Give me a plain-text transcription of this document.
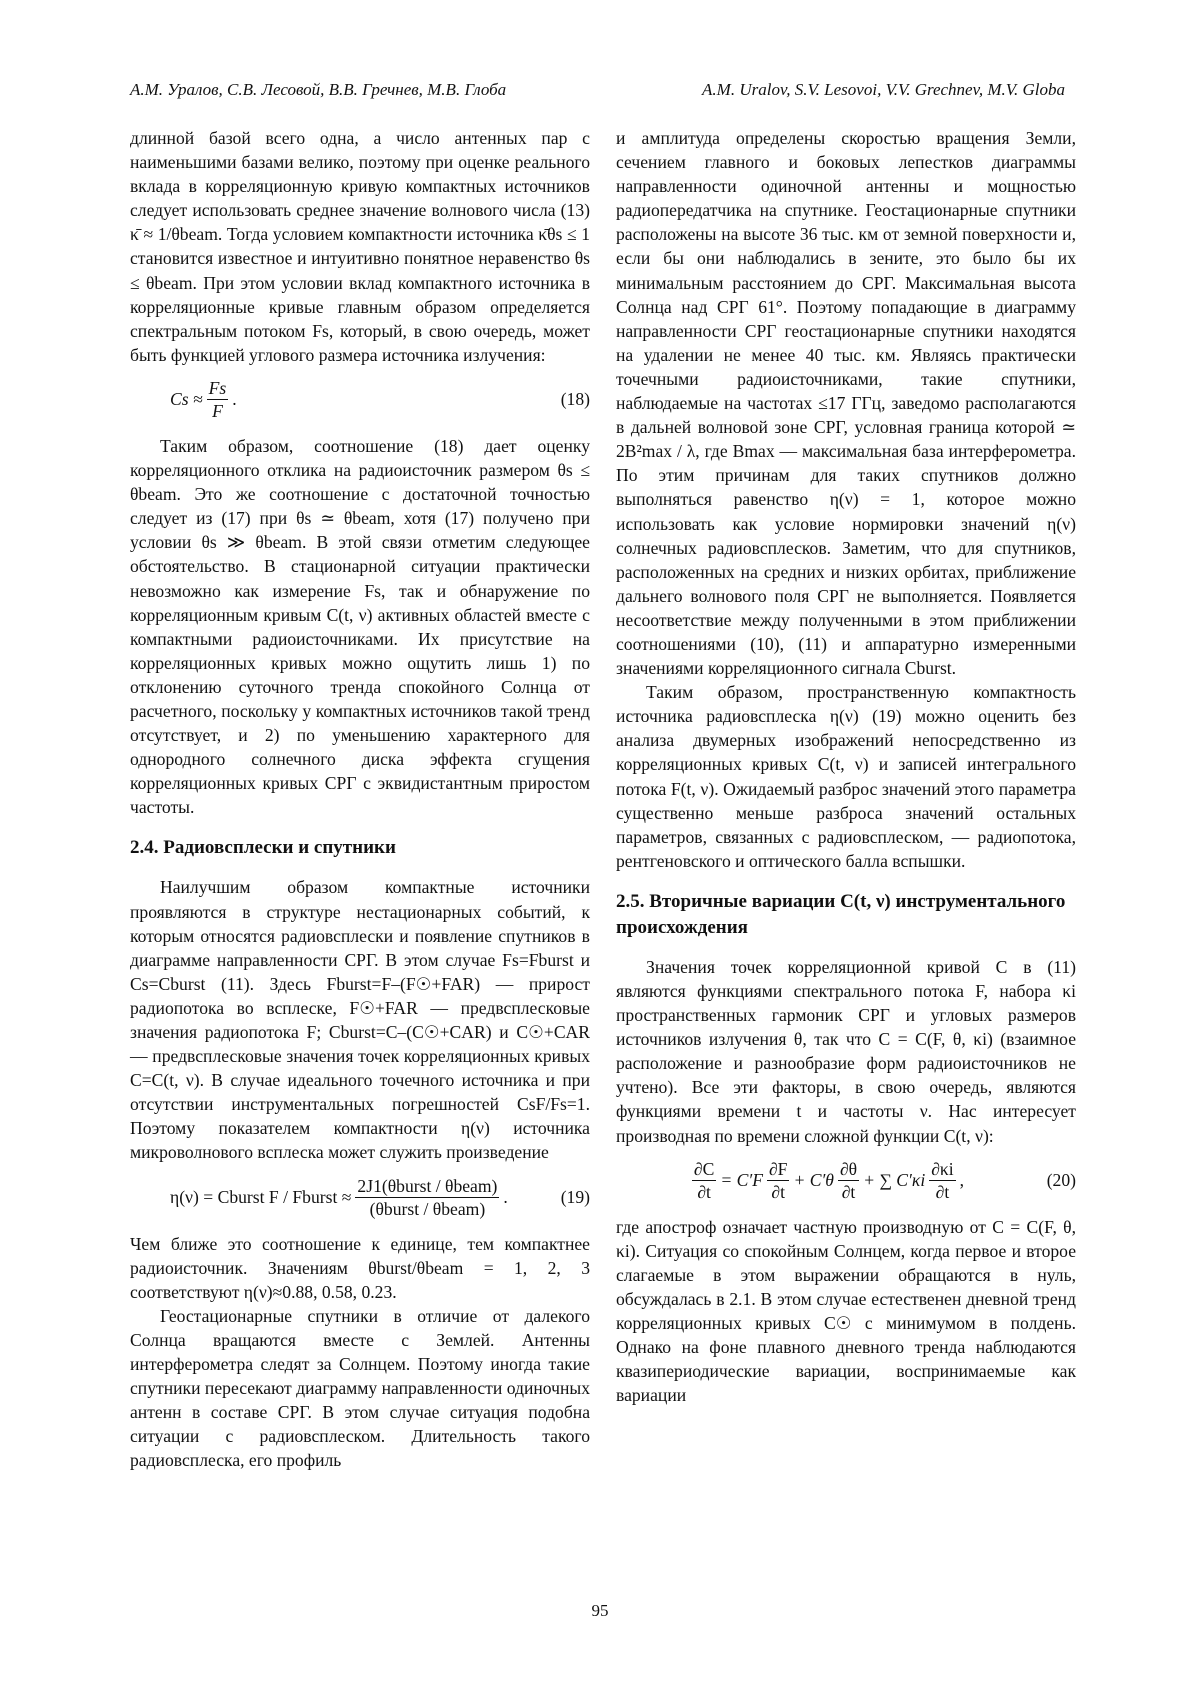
А.М. Уралов, С.В. Лесовой, В.В. Гречнев, М.В. Глоба	A.M. Uralov, S.V. Lesovoi, V.V. Grechnev, M.V. Globa

длинной базой всего одна, а число антенных пар с наименьшими базами велико, поэтому при оценке реального вклада в корреляционную кривую компактных источников следует использовать среднее значение волнового числа (13) κ̄ ≈ 1/θbeam. Тогда условием компактности источника κ̄θs ≤ 1 становится известное и интуитивно понятное неравенство θs ≤ θbeam. При этом условии вклад компактного источника в корреляционные кривые главным образом определяется спектральным потоком Fs, который, в свою очередь, может быть функцией углового размера источника излучения:

$Cs \approx \frac{Fs}{F}$ .	(18)

Таким образом, соотношение (18) дает оценку корреляционного отклика на радиоисточник размером θs ≤ θbeam. Это же соотношение с достаточной точностью следует из (17) при θs ≃ θbeam, хотя (17) получено при условии θs ≫ θbeam. В этой связи отметим следующее обстоятельство. В стационарной ситуации практически невозможно как измерение Fs, так и обнаружение по корреляционным кривым C(t, ν) активных областей вместе с компактными радиоисточниками. Их присутствие на корреляционных кривых можно ощутить лишь 1) по отклонению суточного тренда спокойного Солнца от расчетного, поскольку у компактных источников такой тренд отсутствует, и 2) по уменьшению характерного для однородного солнечного диска эффекта сгущения корреляционных кривых СРГ с эквидистантным приростом частоты.

2.4. Радиовсплески и спутники

Наилучшим образом компактные источники проявляются в структуре нестационарных событий, к которым относятся радиовсплески и появление спутников в диаграмме направленности СРГ. В этом случае Fs=Fburst и Cs=Cburst (11). Здесь Fburst=F–(F☉+FAR) — прирост радиопотока во всплеске, F☉+FAR — предвсплесковые значения радиопотока F; Cburst=C–(C☉+CAR) и C☉+CAR — предвсплесковые значения точек корреляционных кривых C=C(t, ν). В случае идеального точечного источника и при отсутствии инструментальных погрешностей CsF/Fs=1. Поэтому показателем компактности η(ν) источника микроволнового всплеска может служить произведение

η(ν) = Cburst F / Fburst ≈ $\frac{\text{2J1(θburst / θbeam)}}{\text{(θburst / θbeam)}}$ .	(19)

Чем ближе это соотношение к единице, тем компактнее радиоисточник. Значениям θburst/θbeam = 1, 2, 3 соответствуют η(ν)≈0.88, 0.58, 0.23.

Геостационарные спутники в отличие от далекого Солнца вращаются вместе с Землей. Антенны интерферометра следят за Солнцем. Поэтому иногда такие спутники пересекают диаграмму направленности одиночных антенн в составе СРГ. В этом случае ситуация подобна ситуации с радиовсплеском. Длительность такого радиовсплеска, его профиль

и амплитуда определены скоростью вращения Земли, сечением главного и боковых лепестков диаграммы направленности одиночной антенны и мощностью радиопередатчика на спутнике. Геостационарные спутники расположены на высоте 36 тыс. км от земной поверхности и, если бы они наблюдались в зените, это было бы их минимальным расстоянием до СРГ. Максимальная высота Солнца над СРГ 61°. Поэтому попадающие в диаграмму направленности СРГ геостационарные спутники находятся на удалении не менее 40 тыс. км. Являясь практически точечными радиоисточниками, такие спутники, наблюдаемые на частотах ≤17 ГГц, заведомо располагаются в дальней волновой зоне СРГ, условная граница которой ≃ 2B²max / λ, где Bmax — максимальная база интерферометра. По этим причинам для таких спутников должно выполняться равенство η(ν) = 1, которое можно использовать как условие нормировки значений η(ν) солнечных радиовсплесков. Заметим, что для спутников, расположенных на средних и низких орбитах, приближение дальнего волнового поля СРГ не выполняется. Появляется несоответствие между полученными в этом приближении соотношениями (10), (11) и аппаратурно измеренными значениями корреляционного сигнала Cburst.

Таким образом, пространственную компактность источника радиовсплеска η(ν) (19) можно оценить без анализа двумерных изображений непосредственно из корреляционных кривых C(t, ν) и записей интегрального потока F(t, ν). Ожидаемый разброс значений этого параметра существенно меньше разброса значений остальных параметров, связанных с радиовсплеском, — радиопотока, рентгеновского и оптического балла вспышки.

2.5. Вторичные вариации C(t, ν) инструментального происхождения

Значения точек корреляционной кривой C в (11) являются функциями спектрального потока F, набора κi пространственных гармоник СРГ и угловых размеров источников излучения θ, так что C = C(F, θ, κi) (взаимное расположение и разнообразие форм радиоисточников не учтено). Все эти факторы, в свою очередь, являются функциями времени t и частоты ν. Нас интересует производная по времени сложной функции C(t, ν):

$\frac{\partial C}{\partial t} = C'F \frac{\partial F}{\partial t} + C'\theta \frac{\partial\theta}{\partial t}$ + ∑ $C'\kappa i \frac{\partial\kappa i}{\partial t}$ ,	(20)

где апостроф означает частную производную от C = C(F, θ, κi). Ситуация со спокойным Солнцем, когда первое и второе слагаемые в этом выражении обращаются в нуль, обсуждалась в 2.1. В этом случае естественен дневной тренд корреляционных кривых C☉ с минимумом в полдень. Однако на фоне плавного дневного тренда наблюдаются квазипериодические вариации, воспринимаемые как вариации

95
